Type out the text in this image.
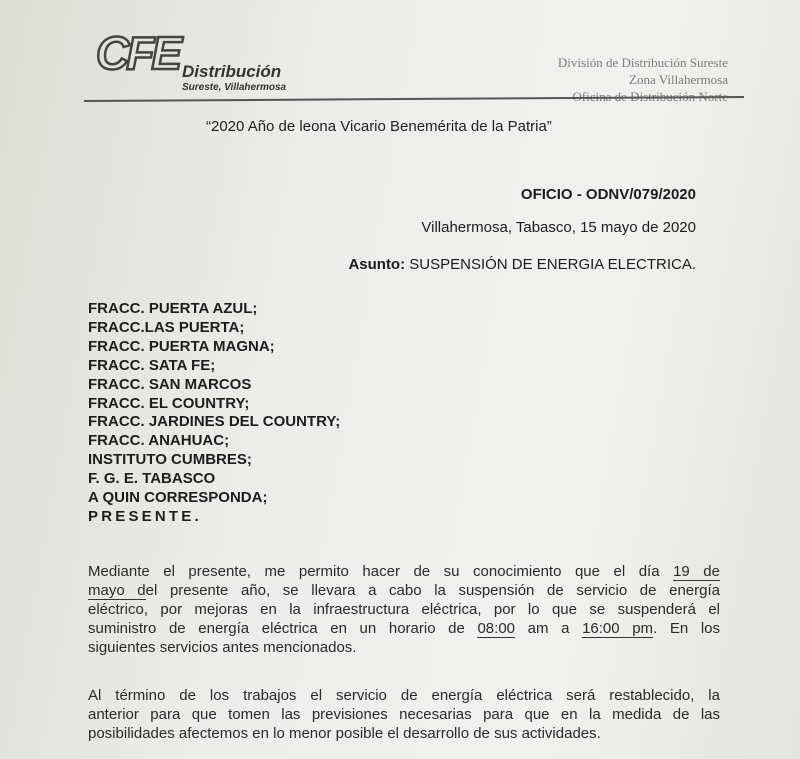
CFE Distribución
Sureste, Villahermosa
División de Distribución Sureste
Zona Villahermosa
“2020 Año de leona Vicario Benemérita de la Patria”
OFICIO - ODNV/079/2020
Villahermosa, Tabasco, 15 mayo de 2020
Asunto: SUSPENSIÓN DE ENERGIA ELECTRICA.
FRACC. PUERTA AZUL;
FRACC.LAS PUERTA;
FRACC. PUERTA MAGNA;
FRACC. SATA FE;
FRACC. SAN MARCOS
FRACC. EL COUNTRY;
FRACC. JARDINES DEL COUNTRY;
FRACC. ANAHUAC;
INSTITUTO CUMBRES;
F. G. E. TABASCO
A QUIN CORRESPONDA;
PRESENTE.
Mediante el presente, me permito hacer de su conocimiento que el día 19 de
mayo del presente año, se llevara a cabo la suspensión de servicio de energía
eléctrico, por mejoras en la infraestructura eléctrica, por lo que se suspenderá el
suministro de energía eléctrica en un horario de 08:00 am a 16:00 pm. En los
siguientes servicios antes mencionados.
Al término de los trabajos el servicio de energía eléctrica será restablecido, la
anterior para que tomen las previsiones necesarias para que en la medida de las
posibilidades afectemos en lo menor posible el desarrollo de sus actividades.
